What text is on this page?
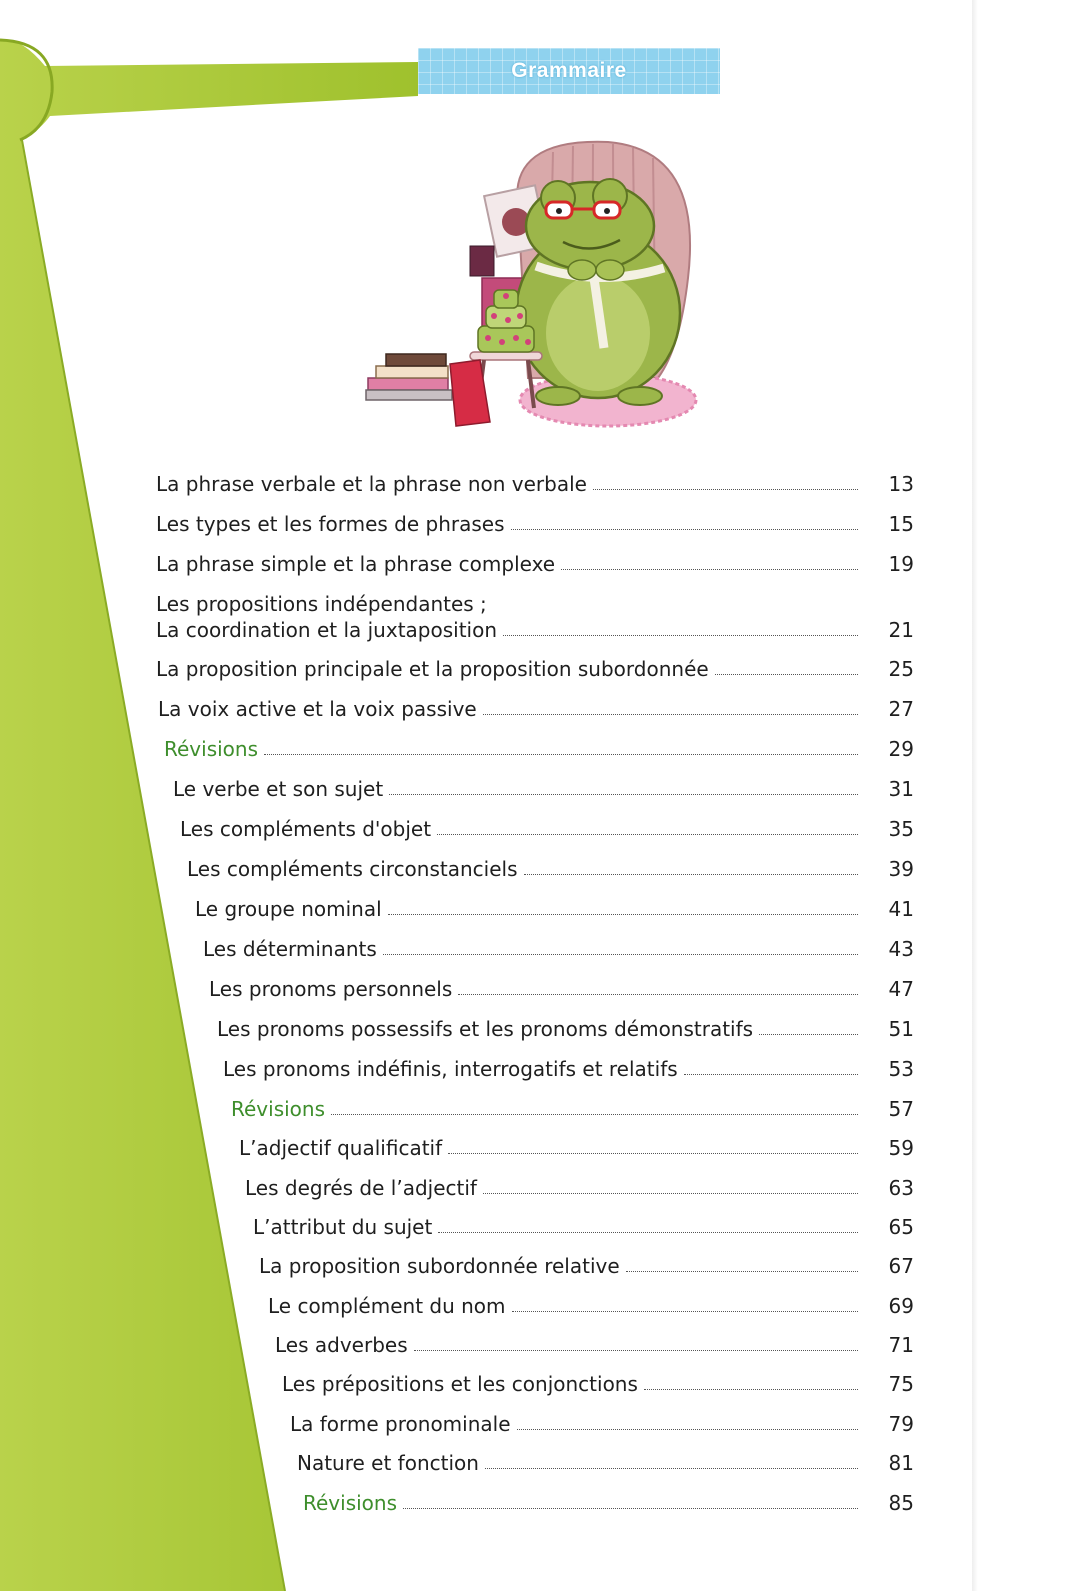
Grammaire
La phrase verbale et la phrase non verbale	13
Les types et les formes de phrases	15
La phrase simple et la phrase complexe	19
Les propositions indépendantes ;
La coordination et la juxtaposition	21
La proposition principale et la proposition subordonnée	25
La voix active et la voix passive	27
Révisions	29
Le verbe et son sujet	31
Les compléments d'objet	35
Les compléments circonstanciels	39
Le groupe nominal	41
Les déterminants	43
Les pronoms personnels	47
Les pronoms possessifs et les pronoms démonstratifs	51
Les pronoms indéfinis, interrogatifs et relatifs	53
Révisions	57
L’adjectif qualificatif	59
Les degrés de l’adjectif	63
L’attribut du sujet	65
La proposition subordonnée relative	67
Le complément du nom	69
Les adverbes	71
Les prépositions et les conjonctions	75
La forme pronominale	79
Nature et fonction	81
Révisions	85
